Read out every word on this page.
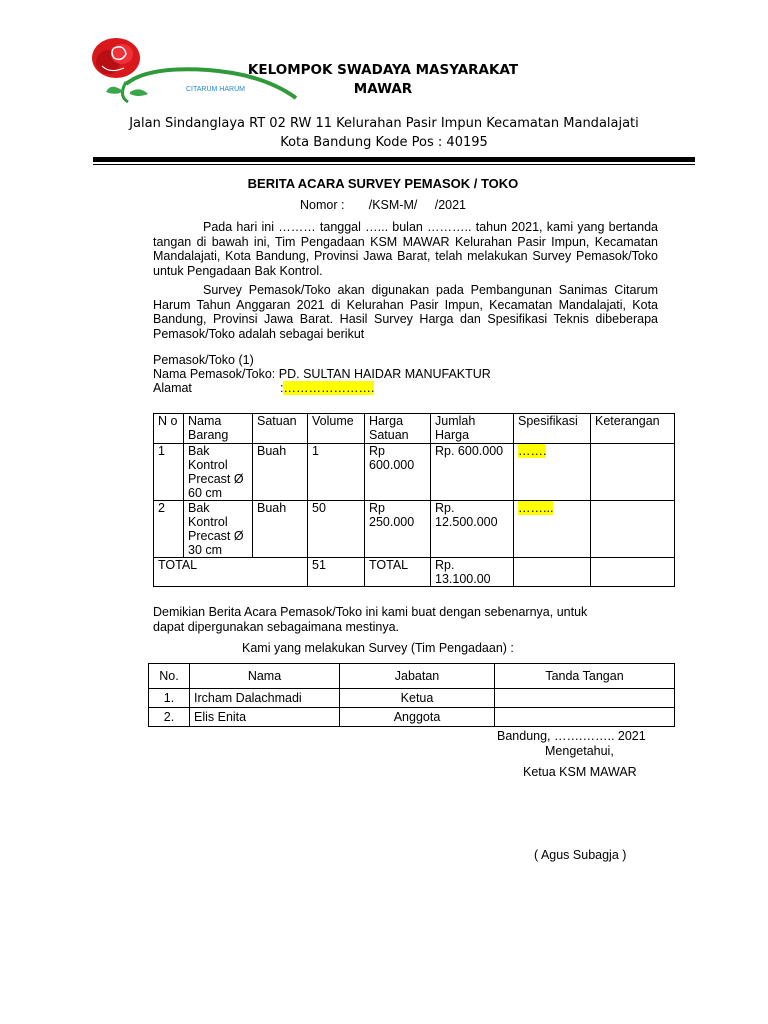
CITARUM HARUM
KELOMPOK SWADAYA MASYARAKAT
MAWAR
Jalan Sindanglaya RT 02 RW 11 Kelurahan Pasir Impun Kecamatan Mandalajati
Kota Bandung Kode Pos : 40195
BERITA ACARA SURVEY PEMASOK / TOKO
Nomor :       /KSM-M/     /2021
Pada hari ini ……… tanggal …... bulan ……….. tahun 2021, kami yang bertanda tangan di bawah ini, Tim Pengadaan KSM MAWAR Kelurahan Pasir Impun, Kecamatan Mandalajati, Kota Bandung, Provinsi Jawa Barat, telah melakukan Survey Pemasok/Toko untuk Pengadaan Bak Kontrol.
Survey Pemasok/Toko akan digunakan pada Pembangunan Sanimas Citarum Harum Tahun Anggaran 2021 di Kelurahan Pasir Impun, Kecamatan Mandalajati, Kota Bandung, Provinsi Jawa Barat. Hasil Survey Harga dan Spesifikasi Teknis dibeberapa Pemasok/Toko adalah sebagai berikut
Pemasok/Toko (1)
Nama Pemasok/Toko: PD. SULTAN HAIDAR MANUFAKTUR
Alamat	:………………….
N o	Nama Barang	Satuan	Volume	Harga Satuan	Jumlah Harga	Spesifikasi	Keterangan
1	Bak Kontrol Precast Ø 60 cm	Buah	1	Rp 600.000	Rp. 600.000	…….	
2	Bak Kontrol Precast Ø 30 cm	Buah	50	Rp 250.000	Rp. 12.500.000	……...	
TOTAL			51	TOTAL	Rp. 13.100.00		
Demikian Berita Acara Pemasok/Toko ini kami buat dengan sebenarnya, untuk
dapat dipergunakan sebagaimana mestinya.
Kami yang melakukan Survey (Tim Pengadaan) :
No.	Nama	Jabatan	Tanda Tangan
1.	Ircham Dalachmadi	Ketua	
2.	Elis Enita	Anggota	
Bandung, …….…….. 2021
Mengetahui,
Ketua KSM MAWAR
( Agus Subagja )
